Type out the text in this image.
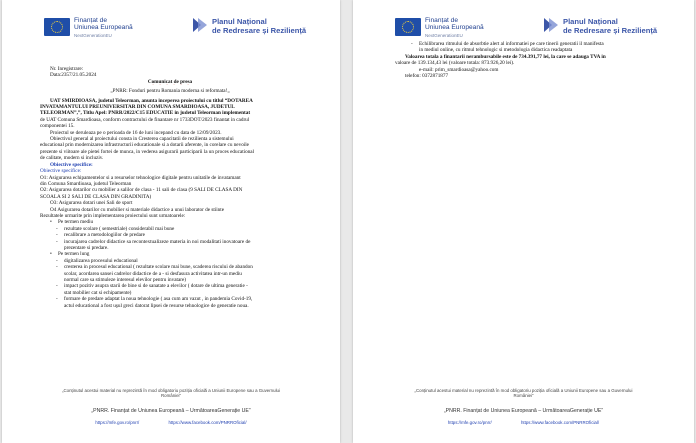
Finanțat de
Uniunea Europeană
NextGenerationEU
Planul Național
de Redresare și Reziliență
Nr. Inregistrare:
Data:2357/21.05.2024
Comunicat de presa
„PNRR: Fonduri pentru Romania moderna si reformata!„
UAT SMIRDIOASA, judetul Teleorman, anunta inceperea proiectului cu titlul “DOTAREA
INVATAMANTULUI PREUNIVERSITAR DIN COMUNA SMARDIOASA, JUDETUL
TELEORMAN”,”, Titlu Apel: PNRR/2022/C15 EDUCATIE in judetul Teleorman implementat
de UAT Comuna Smardioasa, conform contractului de finantare nr 1733DOT/2023 finantat in cadrul
componentei 15.
Proiectul se deruleaza pe o perioada de 16 de luni incepand cu data de 12/09/2023.
Obiectivul general al proiectului consta in Cresterea capacitatii de rezilienta a sistemului
educational prin modernizarea infrastructurii educationale si a dotarii aferente, in corelare cu nevoile
prezente si viitoare ale pietei fortei de munca, in vederea asigurarii participarii la un proces educational
de calitate, modern si incluziv.
Obiective specifice:
Obiective specifice:
O1: Asigurarea echipamentelor si a resurselor tehnologice digitale pentru unitatile de invatamant
din Comuna Smardioasa, judetul Teleorman
O2: Asigurarea dotarilor cu mobilier a salilor de clasa - 11 sali de clasa (9 SALI DE CLASA DIN
SCOALA SI 2 SALI DE CLASA DIN GRADINITA)
O3: Asigurarea dotari unei Sali de sport
O4 Asigurarea dotarilor cu mobilier si materiale didactice a unui laborator de stiinte
Rezultatele urmarite prin implementarea proiectului sunt urmatoarele:
• Pe termen mediu
- rezultate scolare ( semestriale) considerabil mai bune
- recalibrare a metodologiilor de predare
- incurajarea cadrelor didactice sa recontextualizeze materia in noi modalitati inovatoare de
prezentare si predare.
• Pe termen lung
- digitalizarea procesului educational
- cresterea in procesul educational ( rezultate scolare mai bune, scaderea riscului de abandon
scolar, acordarea sansei cadrelor didactice de a - si desfasura activitatea intr-un mediu
normal care sa stimuleze interesul elevilor pentru invatare)
- impact pozitiv asupra starii de bine si de sanatate a elevilor ( dotare de ultima generatie -
stat mobilier cat si echipamente)
- formare de predare adaptat la noua tehnologie ( asa cum am vazut , in pandemia Covid-19,
actul educational a fost uşul greci datorat lipsei de resurse tehnologice de generatie noua.
„Conținutul acestui material nu reprezintă în mod obligatoriu poziția oficială a Uniunii Europene sau a Guvernului României”
„PNRR. Finanțat de Uniunea Europeană – UrmătoareaGenerație UE”
https://mfe.gov.ro/pnrr/	https://www.facebook.com/PNRROficial/
Finanțat de
Uniunea Europeană
NextGenerationEU
Planul Național
de Redresare și Reziliență
- Echilibrarea ritmului de absorbtie alert al informatiei pe care tinerii generatii il manifesta
in mediul online, cu ritmul tehnologic si metodologia didactica readaptata
Valoarea totala a finantarii nerambursabile este de 734.391,77 lei, la care se adauga TVA in
valoare de 139.134,43 lei (valoare totala: 873.926,20 lei).
e-mail: prim_smardioasa@yahoo.com
telefon: 0372871877
„Conținutul acestui material nu reprezintă în mod obligatoriu poziția oficială a Uniunii Europene sau a Guvernului României”
„PNRR. Finanțat de Uniunea Europeană – UrmătoareaGenerație UE”
https://mfe.gov.ro/pnrr/	https://www.facebook.com/PNRROficial/
